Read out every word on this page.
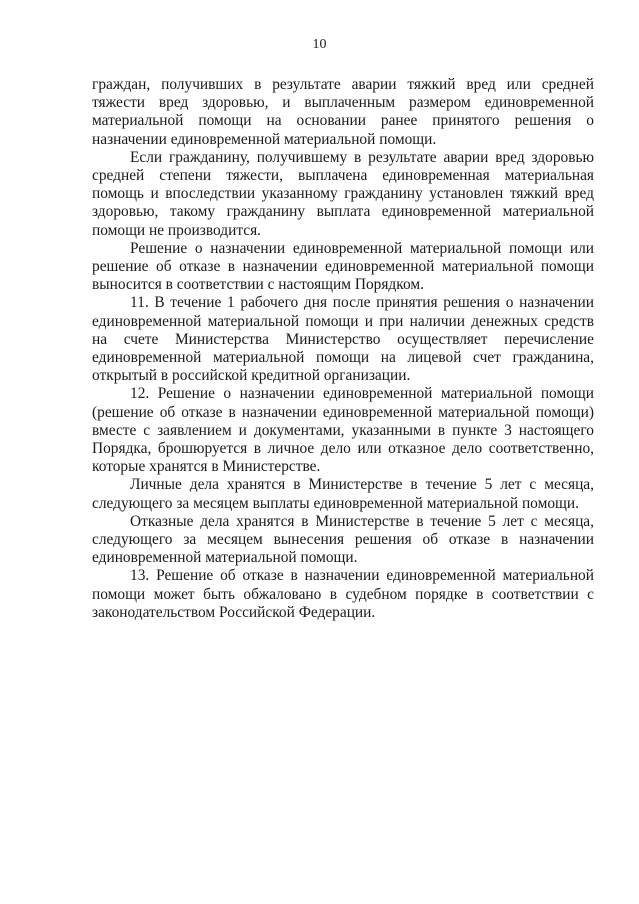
10

граждан, получивших в результате аварии тяжкий вред или средней тяжести вред здоровью, и выплаченным размером единовременной материальной помощи на основании ранее принятого решения о назначении единовременной материальной помощи.

Если гражданину, получившему в результате аварии вред здоровью средней степени тяжести, выплачена единовременная материальная помощь и впоследствии указанному гражданину установлен тяжкий вред здоровью, такому гражданину выплата единовременной материальной помощи не производится.

Решение о назначении единовременной материальной помощи или решение об отказе в назначении единовременной материальной помощи выносится в соответствии с настоящим Порядком.

11. В течение 1 рабочего дня после принятия решения о назначении единовременной материальной помощи и при наличии денежных средств на счете Министерства Министерство осуществляет перечисление единовременной материальной помощи на лицевой счет гражданина, открытый в российской кредитной организации.

12. Решение о назначении единовременной материальной помощи (решение об отказе в назначении единовременной материальной помощи) вместе с заявлением и документами, указанными в пункте 3 настоящего Порядка, брошюруется в личное дело или отказное дело соответственно, которые хранятся в Министерстве.

Личные дела хранятся в Министерстве в течение 5 лет с месяца, следующего за месяцем выплаты единовременной материальной помощи.

Отказные дела хранятся в Министерстве в течение 5 лет с месяца, следующего за месяцем вынесения решения об отказе в назначении единовременной материальной помощи.

13. Решение об отказе в назначении единовременной материальной помощи может быть обжаловано в судебном порядке в соответствии с законодательством Российской Федерации.
